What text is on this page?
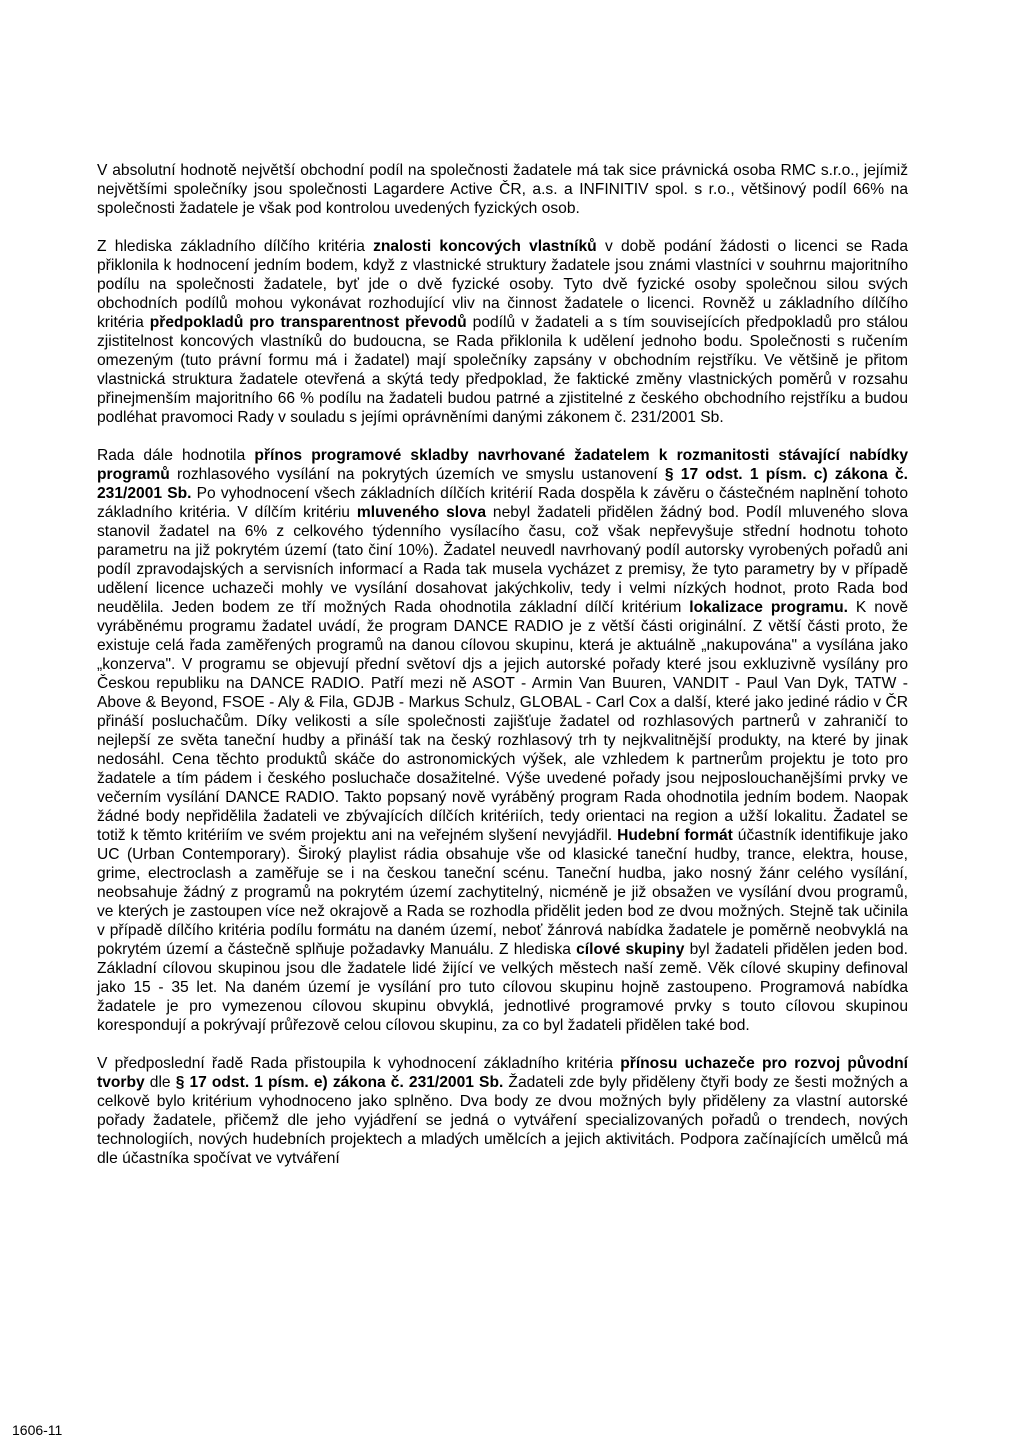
V absolutní hodnotě největší obchodní podíl na společnosti žadatele má tak sice právnická osoba RMC s.r.o., jejímiž největšími společníky jsou společnosti Lagardere Active ČR, a.s. a INFINITIV spol. s r.o., většinový podíl 66% na společnosti žadatele je však pod kontrolou uvedených fyzických osob.

Z hlediska základního dílčího kritéria znalosti koncových vlastníků v době podání žádosti o licenci se Rada přiklonila k hodnocení jedním bodem, když z vlastnické struktury žadatele jsou známi vlastníci v souhrnu majoritního podílu na společnosti žadatele, byť jde o dvě fyzické osoby. Tyto dvě fyzické osoby společnou silou svých obchodních podílů mohou vykonávat rozhodující vliv na činnost žadatele o licenci. Rovněž u základního dílčího kritéria předpokladů pro transparentnost převodů podílů v žadateli a s tím souvisejících předpokladů pro stálou zjistitelnost koncových vlastníků do budoucna, se Rada přiklonila k udělení jednoho bodu. Společnosti s ručením omezeným (tuto právní formu má i žadatel) mají společníky zapsány v obchodním rejstříku. Ve většině je přitom vlastnická struktura žadatele otevřená a skýtá tedy předpoklad, že faktické změny vlastnických poměrů v rozsahu přinejmenším majoritního 66 % podílu na žadateli budou patrné a zjistitelné z českého obchodního rejstříku a budou podléhat pravomoci Rady v souladu s jejími oprávněními danými zákonem č. 231/2001 Sb.

Rada dále hodnotila přínos programové skladby navrhované žadatelem k rozmanitosti stávající nabídky programů rozhlasového vysílání na pokrytých územích ve smyslu ustanovení § 17 odst. 1 písm. c) zákona č. 231/2001 Sb. Po vyhodnocení všech základních dílčích kritérií Rada dospěla k závěru o částečném naplnění tohoto základního kritéria. V dílčím kritériu mluveného slova nebyl žadateli přidělen žádný bod. Podíl mluveného slova stanovil žadatel na 6% z celkového týdenního vysílacího času, což však nepřevyšuje střední hodnotu tohoto parametru na již pokrytém území (tato činí 10%). Žadatel neuvedl navrhovaný podíl autorsky vyrobených pořadů ani podíl zpravodajských a servisních informací a Rada tak musela vycházet z premisy, že tyto parametry by v případě udělení licence uchazeči mohly ve vysílání dosahovat jakýchkoliv, tedy i velmi nízkých hodnot, proto Rada bod neudělila. Jeden bodem ze tří možných Rada ohodnotila základní dílčí kritérium lokalizace programu. K nově vyráběnému programu žadatel uvádí, že program DANCE RADIO je z větší části originální. Z větší části proto, že existuje celá řada zaměřených programů na danou cílovou skupinu, která je aktuálně „nakupována" a vysílána jako „konzerva". V programu se objevují přední světoví djs a jejich autorské pořady které jsou exkluzivně vysílány pro Českou republiku na DANCE RADIO. Patří mezi ně ASOT - Armin Van Buuren, VANDIT - Paul Van Dyk, TATW - Above & Beyond, FSOE - Aly & Fila, GDJB - Markus Schulz, GLOBAL - Carl Cox a další, které jako jediné rádio v ČR přináší posluchačům. Díky velikosti a síle společnosti zajišťuje žadatel od rozhlasových partnerů v zahraničí to nejlepší ze světa taneční hudby a přináší tak na český rozhlasový trh ty nejkvalitnější produkty, na které by jinak nedosáhl. Cena těchto produktů skáče do astronomických výšek, ale vzhledem k partnerům projektu je toto pro žadatele a tím pádem i českého posluchače dosažitelné. Výše uvedené pořady jsou nejposlouchanějšími prvky ve večerním vysílání DANCE RADIO. Takto popsaný nově vyráběný program Rada ohodnotila jedním bodem. Naopak žádné body nepřidělila žadateli ve zbývajících dílčích kritériích, tedy orientaci na region a užší lokalitu. Žadatel se totiž k těmto kritériím ve svém projektu ani na veřejném slyšení nevyjádřil. Hudební formát účastník identifikuje jako UC (Urban Contemporary). Široký playlist rádia obsahuje vše od klasické taneční hudby, trance, elektra, house, grime, electroclash a zaměřuje se i na českou taneční scénu. Taneční hudba, jako nosný žánr celého vysílání, neobsahuje žádný z programů na pokrytém území zachytitelný, nicméně je již obsažen ve vysílání dvou programů, ve kterých je zastoupen více než okrajově a Rada se rozhodla přidělit jeden bod ze dvou možných. Stejně tak učinila v případě dílčího kritéria podílu formátu na daném území, neboť žánrová nabídka žadatele je poměrně neobvyklá na pokrytém území a částečně splňuje požadavky Manuálu. Z hlediska cílové skupiny byl žadateli přidělen jeden bod. Základní cílovou skupinou jsou dle žadatele lidé žijící ve velkých městech naší země. Věk cílové skupiny definoval jako 15 - 35 let. Na daném území je vysílání pro tuto cílovou skupinu hojně zastoupeno. Programová nabídka žadatele je pro vymezenou cílovou skupinu obvyklá, jednotlivé programové prvky s touto cílovou skupinou korespondují a pokrývají průřezově celou cílovou skupinu, za co byl žadateli přidělen také bod.

V předposlední řadě Rada přistoupila k vyhodnocení základního kritéria přínosu uchazeče pro rozvoj původní tvorby dle § 17 odst. 1 písm. e) zákona č. 231/2001 Sb. Žadateli zde byly přiděleny čtyři body ze šesti možných a celkově bylo kritérium vyhodnoceno jako splněno. Dva body ze dvou možných byly přiděleny za vlastní autorské pořady žadatele, přičemž dle jeho vyjádření se jedná o vytváření specializovaných pořadů o trendech, nových technologiích, nových hudebních projektech a mladých umělcích a jejich aktivitách. Podpora začínajících umělců má dle účastníka spočívat ve vytváření

1606-11
